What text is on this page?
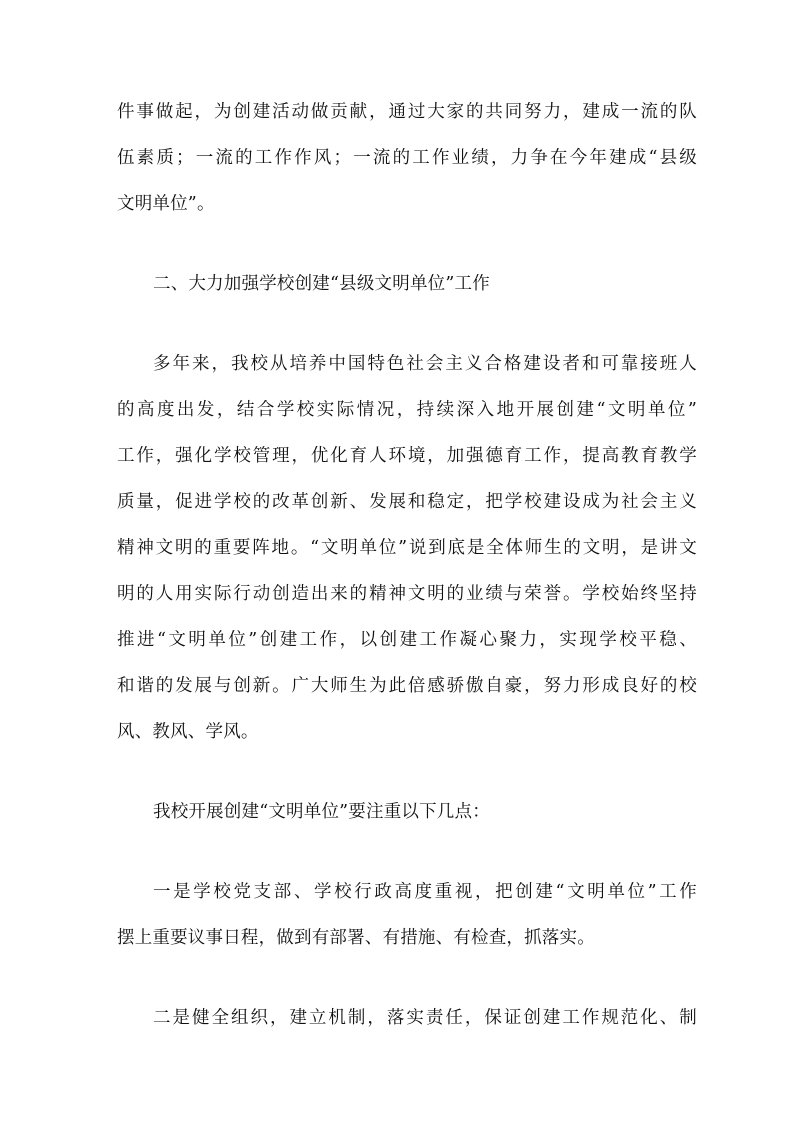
件事做起，为创建活动做贡献，通过大家的共同努力，建成一流的队
伍素质；一流的工作作风；一流的工作业绩，力争在今年建成“县级
文明单位”。
二、大力加强学校创建“县级文明单位”工作
多年来，我校从培养中国特色社会主义合格建设者和可靠接班人
的高度出发，结合学校实际情况，持续深入地开展创建“文明单位”
工作，强化学校管理，优化育人环境，加强德育工作，提高教育教学
质量，促进学校的改革创新、发展和稳定，把学校建设成为社会主义
精神文明的重要阵地。“文明单位”说到底是全体师生的文明，是讲文
明的人用实际行动创造出来的精神文明的业绩与荣誉。学校始终坚持
推进“文明单位”创建工作，以创建工作凝心聚力，实现学校平稳、
和谐的发展与创新。广大师生为此倍感骄傲自豪，努力形成良好的校
风、教风、学风。
我校开展创建“文明单位”要注重以下几点：
一是学校党支部、学校行政高度重视，把创建“文明单位”工作
摆上重要议事日程，做到有部署、有措施、有检查，抓落实。
二是健全组织，建立机制，落实责任，保证创建工作规范化、制
